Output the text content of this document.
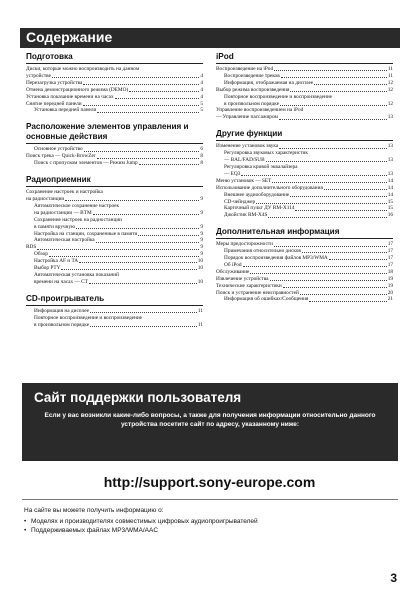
Содержание
Подготовка
Диски, которые можно воспроизводить на данном
устройстве	4
Перезагрузка устройства	4
Отмена демонстрационного режима (DEMO)	4
Установка показание времени на часах	4
Снятие передней панели	5
Установка передней панели	5
Расположение элементов управления и основные действия
Основное устройство	6
Поиск трека — Quick-BrowZer	8
Поиск с пропуском элементов — Режим Jump	8
Радиоприемник
Сохранение настроек и настройка
на радиостанции	9
Автоматическое сохранение настроек
на радиостанции — BTM	9
Сохранение настроек на радиостанции
в памяти вручную	9
Настройка на станции, сохраненные в памяти	9
Автоматическая настройка	9
RDS	9
Обзор	9
Настройка AF и TA	10
Выбор PTY	10
Автоматическая установка показаний
времени на часах — CT	10
CD-проигрыватель
Информация на дисплее	11
Повторное воспроизведение и воспроизведение
в произвольном порядке	11
iPod
Воспроизведение на iPod	11
Воспроизведение треков	11
Информация, отображаемая на дисплее	12
Выбор режима воспроизведения	12
Повторное воспроизведение и воспроизведение
в произвольном порядке	12
Управление воспроизведением на iPod
— Управление пассажиром	13
Другие функции
Изменение установок звука	13
Регулировка звуковых характеристик
— BAL/FAD/SUB	13
Регулировка кривой эквалайзера
— EQ3	13
Меню установок — SET	14
Использование дополнительного оборудования	14
Внешнее аудиооборудование	14
CD-чейнджер	15
Карточный пульт ДУ RM-X114	15
Джойстик RM-X4S	16
Дополнительная информация
Меры предосторожности	17
Примечания относительно дисков	17
Порядок воспроизведения файлов MP3/WMA	17
Об iPod	17
Обслуживание	18
Извлечение устройства	19
Технические характеристики	19
Поиск и устранение неисправностей	20
Информация об ошибках/Сообщения	21
Сайт поддержки пользователя
Если у вас возникли какие-либо вопросы, а также для получения информации относительно данного устройства посетите сайт по адресу, указанному ниже:
http://support.sony-europe.com
На сайте вы можете получить информацию о:
• Моделях и производителях совместимых цифровых аудиопроигрывателей
• Поддерживаемых файлах MP3/WMA/AAC
3
